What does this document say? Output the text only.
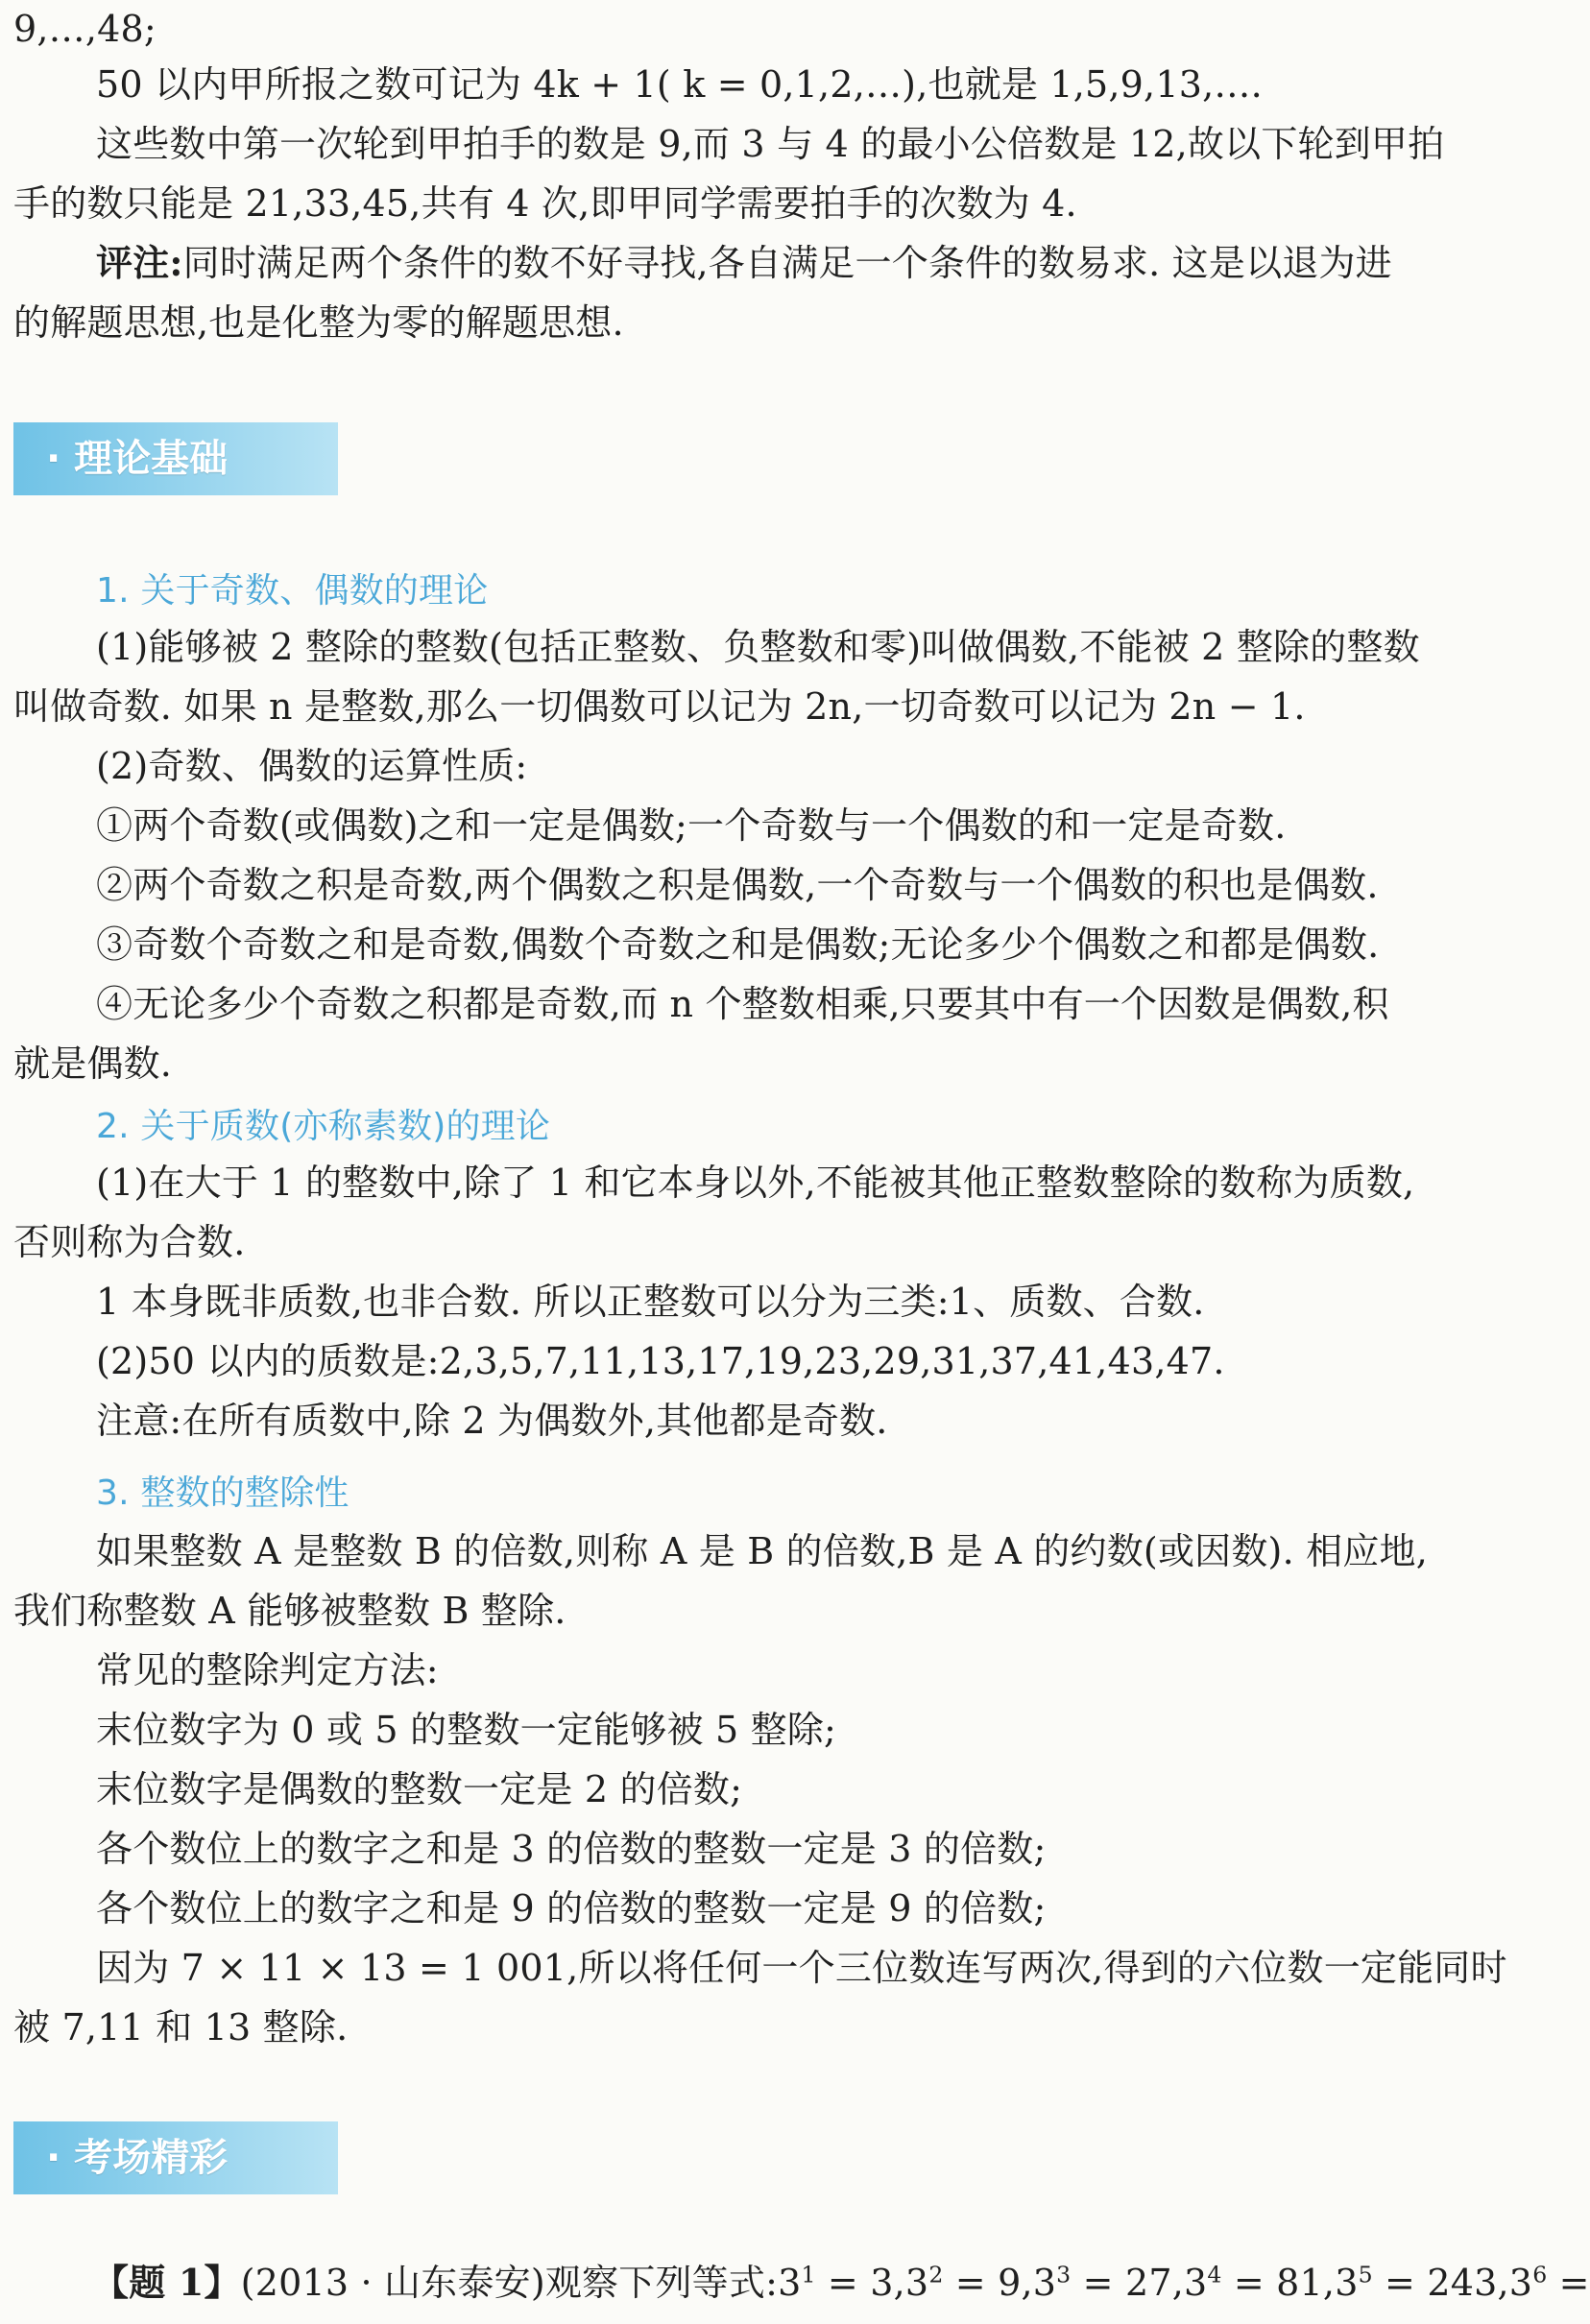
9,…,48;
50 以内甲所报之数可记为 4k + 1( k = 0,1,2,…),也就是 1,5,9,13,….
这些数中第一次轮到甲拍手的数是 9,而 3 与 4 的最小公倍数是 12,故以下轮到甲拍
手的数只能是 21,33,45,共有 4 次,即甲同学需要拍手的次数为 4.
评注:同时满足两个条件的数不好寻找,各自满足一个条件的数易求. 这是以退为进
的解题思想,也是化整为零的解题思想.
· 理论基础
1. 关于奇数、偶数的理论
(1)能够被 2 整除的整数(包括正整数、负整数和零)叫做偶数,不能被 2 整除的整数
叫做奇数. 如果 n 是整数,那么一切偶数可以记为 2n,一切奇数可以记为 2n − 1.
(2)奇数、偶数的运算性质:
①两个奇数(或偶数)之和一定是偶数;一个奇数与一个偶数的和一定是奇数.
②两个奇数之积是奇数,两个偶数之积是偶数,一个奇数与一个偶数的积也是偶数.
③奇数个奇数之和是奇数,偶数个奇数之和是偶数;无论多少个偶数之和都是偶数.
④无论多少个奇数之积都是奇数,而 n 个整数相乘,只要其中有一个因数是偶数,积
就是偶数.
2. 关于质数(亦称素数)的理论
(1)在大于 1 的整数中,除了 1 和它本身以外,不能被其他正整数整除的数称为质数,
否则称为合数.
1 本身既非质数,也非合数. 所以正整数可以分为三类:1、质数、合数.
(2)50 以内的质数是:2,3,5,7,11,13,17,19,23,29,31,37,41,43,47.
注意:在所有质数中,除 2 为偶数外,其他都是奇数.
3. 整数的整除性
如果整数 A 是整数 B 的倍数,则称 A 是 B 的倍数,B 是 A 的约数(或因数). 相应地,
我们称整数 A 能够被整数 B 整除.
常见的整除判定方法:
末位数字为 0 或 5 的整数一定能够被 5 整除;
末位数字是偶数的整数一定是 2 的倍数;
各个数位上的数字之和是 3 的倍数的整数一定是 3 的倍数;
各个数位上的数字之和是 9 的倍数的整数一定是 9 的倍数;
因为 7 × 11 × 13 = 1 001,所以将任何一个三位数连写两次,得到的六位数一定能同时
被 7,11 和 13 整除.
· 考场精彩
【题 1】(2013 · 山东泰安)观察下列等式$:3^1 = 3,3^2 = 9,3^3 = 27,3^4 = 81,3^5 = 243,3^6$ =
